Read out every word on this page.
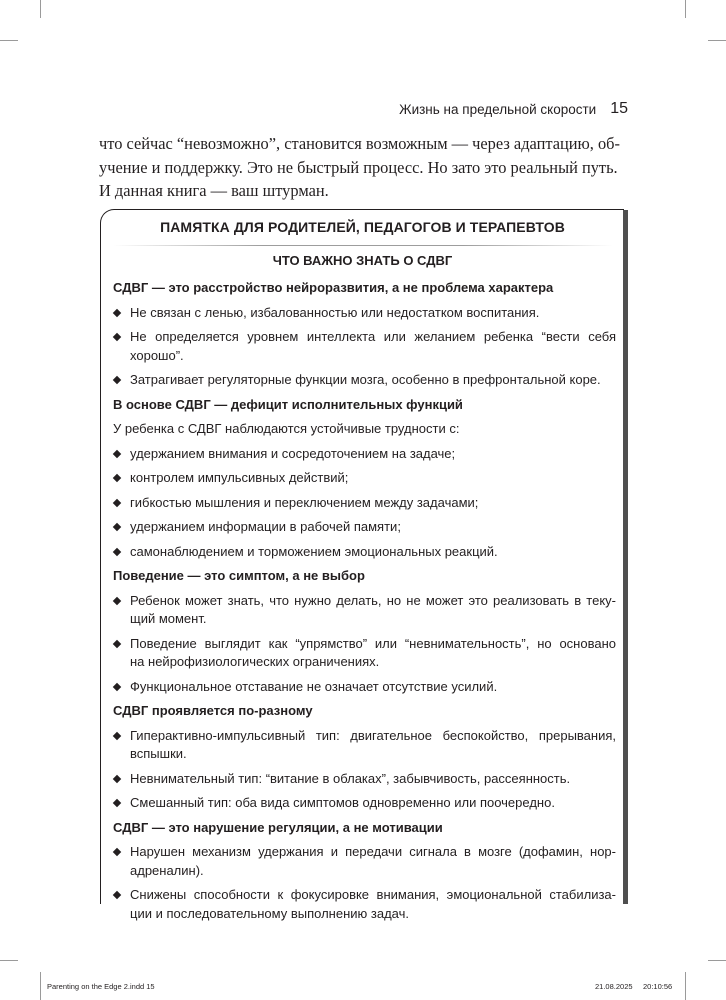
Жизнь на предельной скорости 15
что сейчас “невозможно”, становится возможным — через адаптацию, об-
учение и поддержку. Это не быстрый процесс. Но зато это реальный путь.
И данная книга — ваш штурман.
ПАМЯТКА ДЛЯ РОДИТЕЛЕЙ, ПЕДАГОГОВ И ТЕРАПЕВТОВ
ЧТО ВАЖНО ЗНАТЬ О СДВГ
СДВГ — это расстройство нейроразвития, а не проблема характера
Не связан с ленью, избалованностью или недостатком воспитания.
Не определяется уровнем интеллекта или желанием ребенка “вести себя
хорошо”.
Затрагивает регуляторные функции мозга, особенно в префронтальной коре.
В основе СДВГ — дефицит исполнительных функций
У ребенка с СДВГ наблюдаются устойчивые трудности с:
удержанием внимания и сосредоточением на задаче;
контролем импульсивных действий;
гибкостью мышления и переключением между задачами;
удержанием информации в рабочей памяти;
самонаблюдением и торможением эмоциональных реакций.
Поведение — это симптом, а не выбор
Ребенок может знать, что нужно делать, но не может это реализовать в теку-
щий момент.
Поведение выглядит как “упрямство” или “невнимательность”, но основано
на нейрофизиологических ограничениях.
Функциональное отставание не означает отсутствие усилий.
СДВГ проявляется по-разному
Гиперактивно-импульсивный тип: двигательное беспокойство, прерывания,
вспышки.
Невнимательный тип: “витание в облаках”, забывчивость, рассеянность.
Смешанный тип: оба вида симптомов одновременно или поочередно.
СДВГ — это нарушение регуляции, а не мотивации
Нарушен механизм удержания и передачи сигнала в мозге (дофамин, нор-
адреналин).
Снижены способности к фокусировке внимания, эмоциональной стабилиза-
ции и последовательному выполнению задач.
Parenting on the Edge 2.indd 15	21.08.2025 20:10:56
